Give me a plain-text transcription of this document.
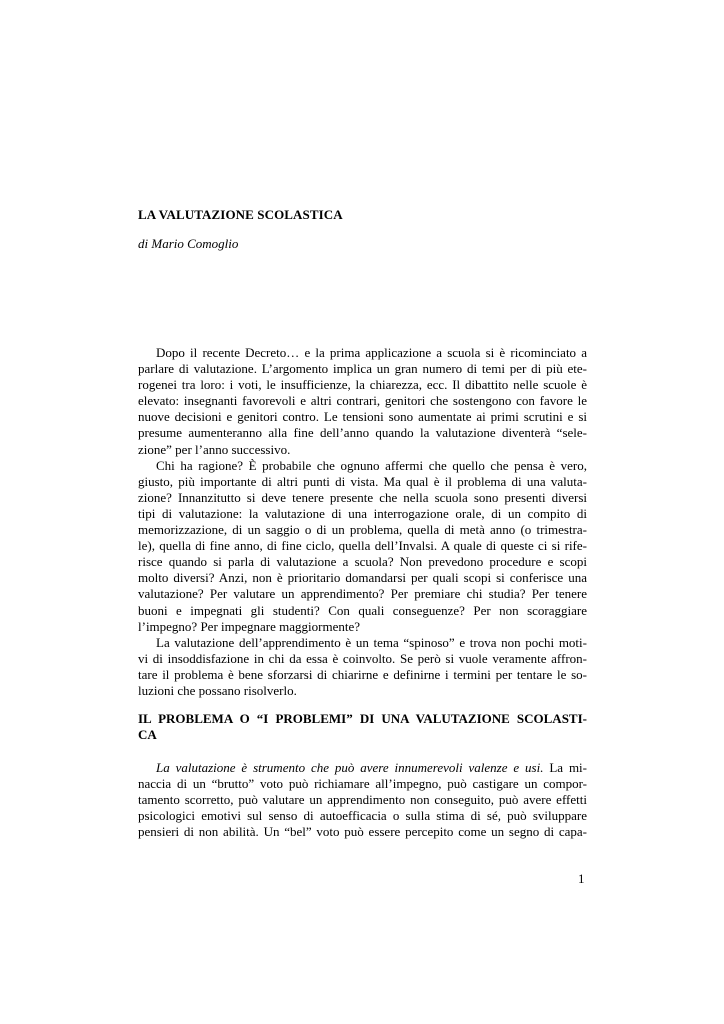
LA VALUTAZIONE SCOLASTICA
di Mario Comoglio
Dopo il recente Decreto… e la prima applicazione a scuola si è ricominciato a
parlare di valutazione. L’argomento implica un gran numero di temi per di più ete-
rogenei tra loro: i voti, le insufficienze, la chiarezza, ecc. Il dibattito nelle scuole è
elevato: insegnanti favorevoli e altri contrari, genitori che sostengono con favore le
nuove decisioni e genitori contro. Le tensioni sono aumentate ai primi scrutini e si
presume aumenteranno alla fine dell’anno quando la valutazione diventerà “sele-
zione” per l’anno successivo.
Chi ha ragione? È probabile che ognuno affermi che quello che pensa è vero,
giusto, più importante di altri punti di vista. Ma qual è il problema di una valuta-
zione? Innanzitutto si deve tenere presente che nella scuola sono presenti diversi
tipi di valutazione: la valutazione di una interrogazione orale, di un compito di
memorizzazione, di un saggio o di un problema, quella di metà anno (o trimestra-
le), quella di fine anno, di fine ciclo, quella dell’Invalsi. A quale di queste ci si rife-
risce quando si parla di valutazione a scuola? Non prevedono procedure e scopi
molto diversi? Anzi, non è prioritario domandarsi per quali scopi si conferisce una
valutazione? Per valutare un apprendimento? Per premiare chi studia? Per tenere
buoni e impegnati gli studenti? Con quali conseguenze? Per non scoraggiare
l’impegno? Per impegnare maggiormente?
La valutazione dell’apprendimento è un tema “spinoso” e trova non pochi moti-
vi di insoddisfazione in chi da essa è coinvolto. Se però si vuole veramente affron-
tare il problema è bene sforzarsi di chiarirne e definirne i termini per tentare le so-
luzioni che possano risolverlo.
IL PROBLEMA O “I PROBLEMI” DI UNA VALUTAZIONE SCOLASTI-
CA
La valutazione è strumento che può avere innumerevoli valenze e usi. La mi-
naccia di un “brutto” voto può richiamare all’impegno, può castigare un compor-
tamento scorretto, può valutare un apprendimento non conseguito, può avere effetti
psicologici emotivi sul senso di autoefficacia o sulla stima di sé, può sviluppare
pensieri di non abilità. Un “bel” voto può essere percepito come un segno di capa-
1
